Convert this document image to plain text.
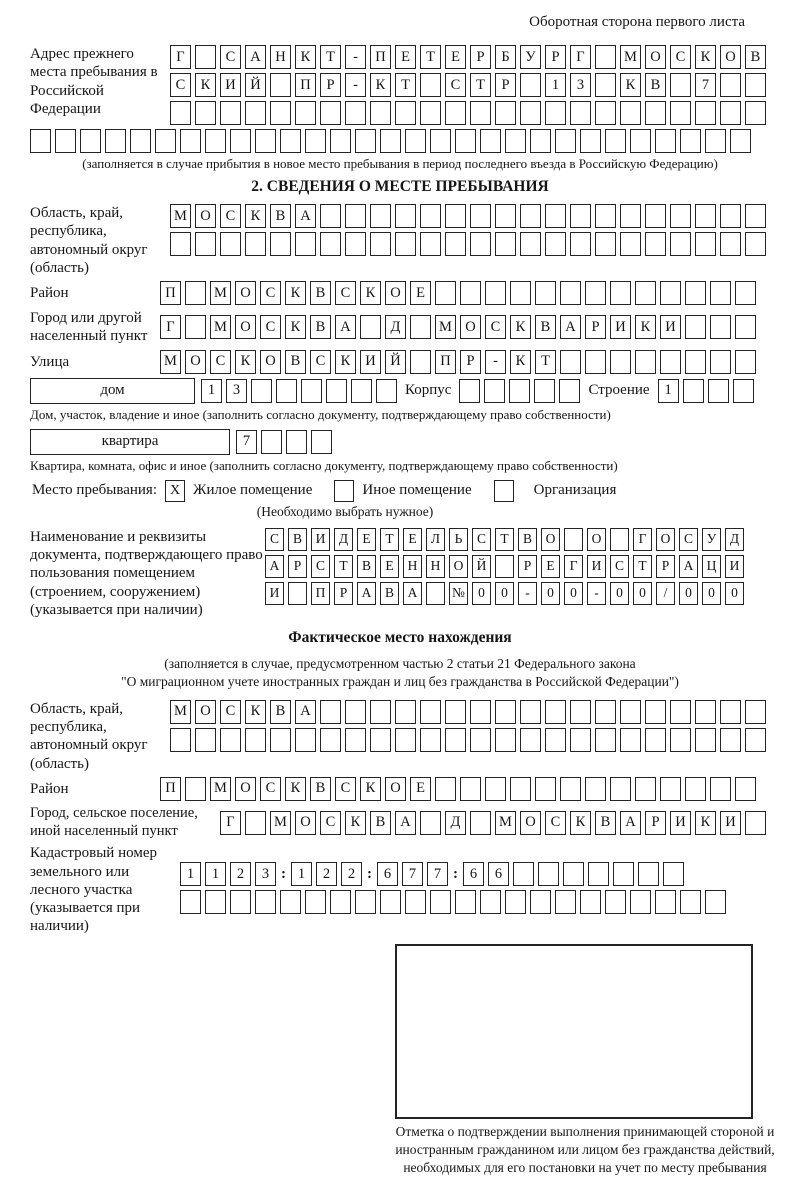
Оборотная сторона первого листа
Адрес прежнего места пребывания в Российской Федерации
Г	С	А	Н	К	Т	-	П	Е	Т	Е	Р	Б	У	Р	Г	М О	С	К	О	В
С	К	И	Й	П	Р	-	К	Т	С	Т	Р	1	3	К	В	7
(заполняется в случае прибытия в новое место пребывания в период последнего въезда в Российскую Федерацию)
2. СВЕДЕНИЯ О МЕСТЕ ПРЕБЫВАНИЯ
Область, край, республика, автономный округ (область)
М О	С	К	В	А
Район	П	М О	С	К	В	С	К	О	Е
Город или другой населенный пункт
Г	М О	С	К	В	А	Д	М О	С	К	В	А	Р	И	К	И
Улица	М О	С	К	О	В	С	К	И	Й	П	Р	-	К	Т
дом	1	3	Корпус	Строение	1
Дом, участок, владение и иное (заполнить согласно документу, подтверждающему право собственности)
квартира	7
Квартира, комната, офис и иное (заполнить согласно документу, подтверждающему право собственности)
Место пребывания: X Жилое помещение	Иное помещение	Организация
(Необходимо выбрать нужное)
Наименование и реквизиты документа, подтверждающего право пользования помещением (строением, сооружением) (указывается при наличии)
С	В	И	Д	Е	Т	Е	Л	Ь	С	Т	В	О	О	Г	О	С	У	Д
А	Р	С	Т	В	Е	Н Н О Й	Р	Е	Г	И	С	Т	Р	А Ц И
И	П	Р	А	В	А	№ 0	0	-	0	0	-	0	0	/	0	0	0
Фактическое место нахождения
(заполняется в случае, предусмотренном частью 2 статьи 21 Федерального закона
"О миграционном учете иностранных граждан и лиц без гражданства в Российской Федерации")
Область, край, республика, автономный округ (область)
М О	С	К	В	А
Район	П	М О	С	К	В	С	К	О	Е
Город, сельское поселение, иной населенный пункт
Г	М О	С	К	В	А	Д	М О	С	К	В	А	Р	И	К	И
Кадастровый номер земельного или лесного участка (указывается при наличии)
1	1	2	3 : 1	2	2 : 6	7	7 : 6	6
Отметка о подтверждении выполнения принимающей стороной и иностранным гражданином или лицом без гражданства действий, необходимых для его постановки на учет по месту пребывания
